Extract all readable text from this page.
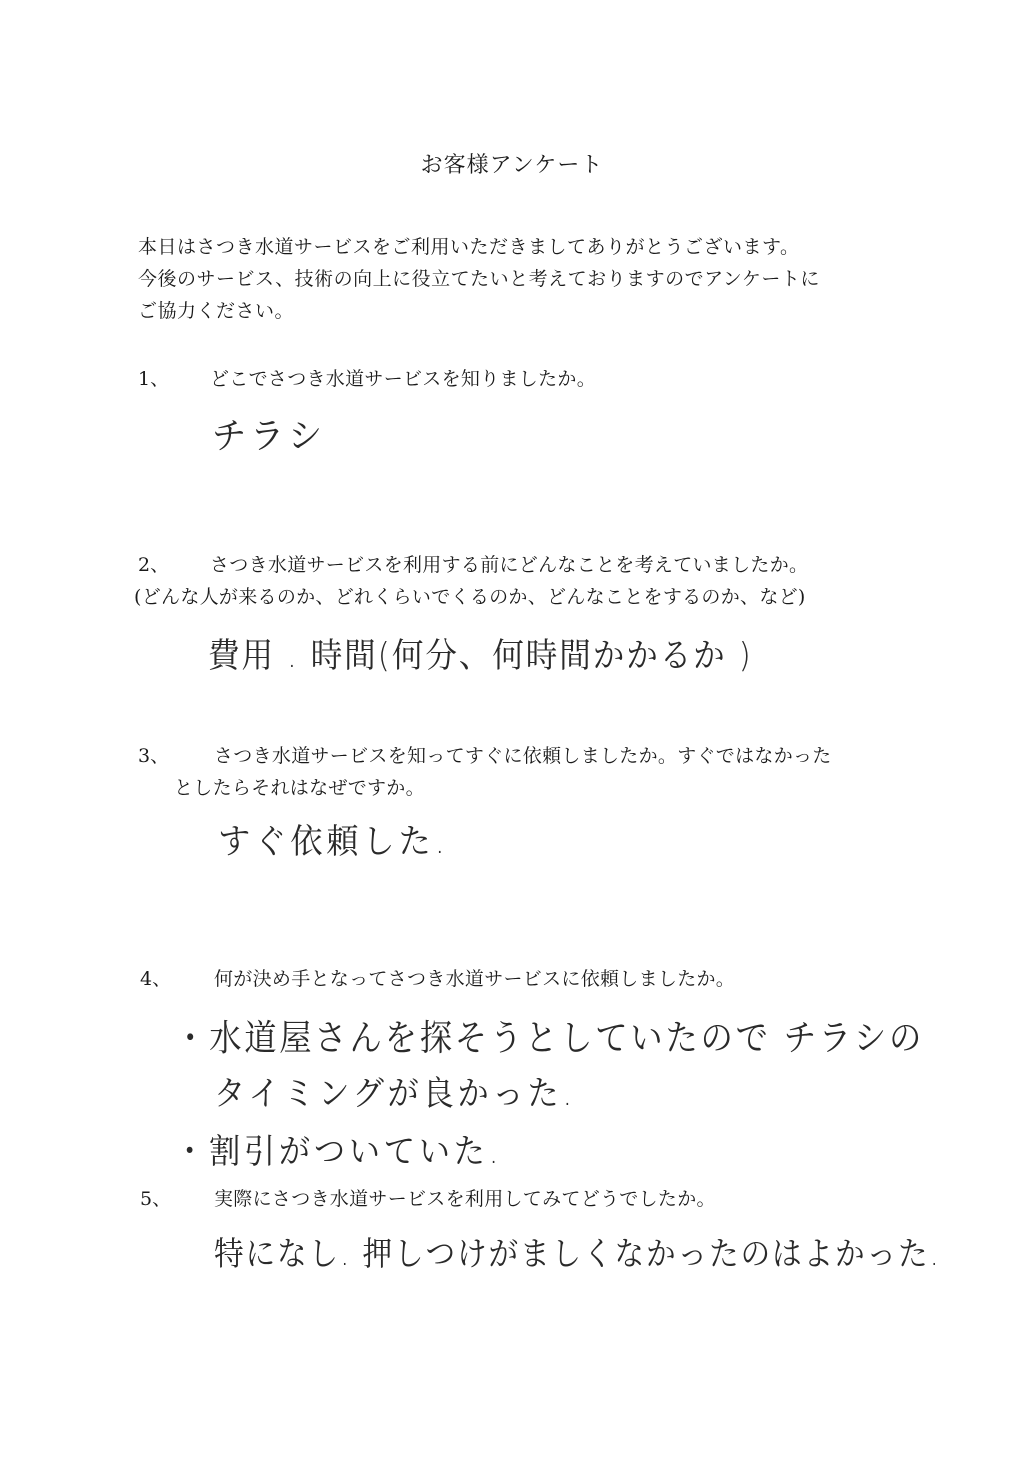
お客様アンケート
本日はさつき水道サービスをご利用いただきましてありがとうございます。
今後のサービス、技術の向上に役立てたいと考えておりますのでアンケートに
ご協力ください。
1、 どこでさつき水道サービスを知りましたか。
チラシ
2、 さつき水道サービスを利用する前にどんなことを考えていましたか。
(どんな人が来るのか、どれくらいでくるのか、どんなことをするのか、など)
費用 . 時間(何分、何時間かかるか )
3、 さつき水道サービスを知ってすぐに依頼しましたか。すぐではなかった
としたらそれはなぜですか。
すぐ依頼した.
4、 何が決め手となってさつき水道サービスに依頼しましたか。
・水道屋さんを探そうとしていたので チラシの
タイミングが良かった.
・割引がついていた.
5、 実際にさつき水道サービスを利用してみてどうでしたか。
特になし. 押しつけがましくなかったのはよかった.
